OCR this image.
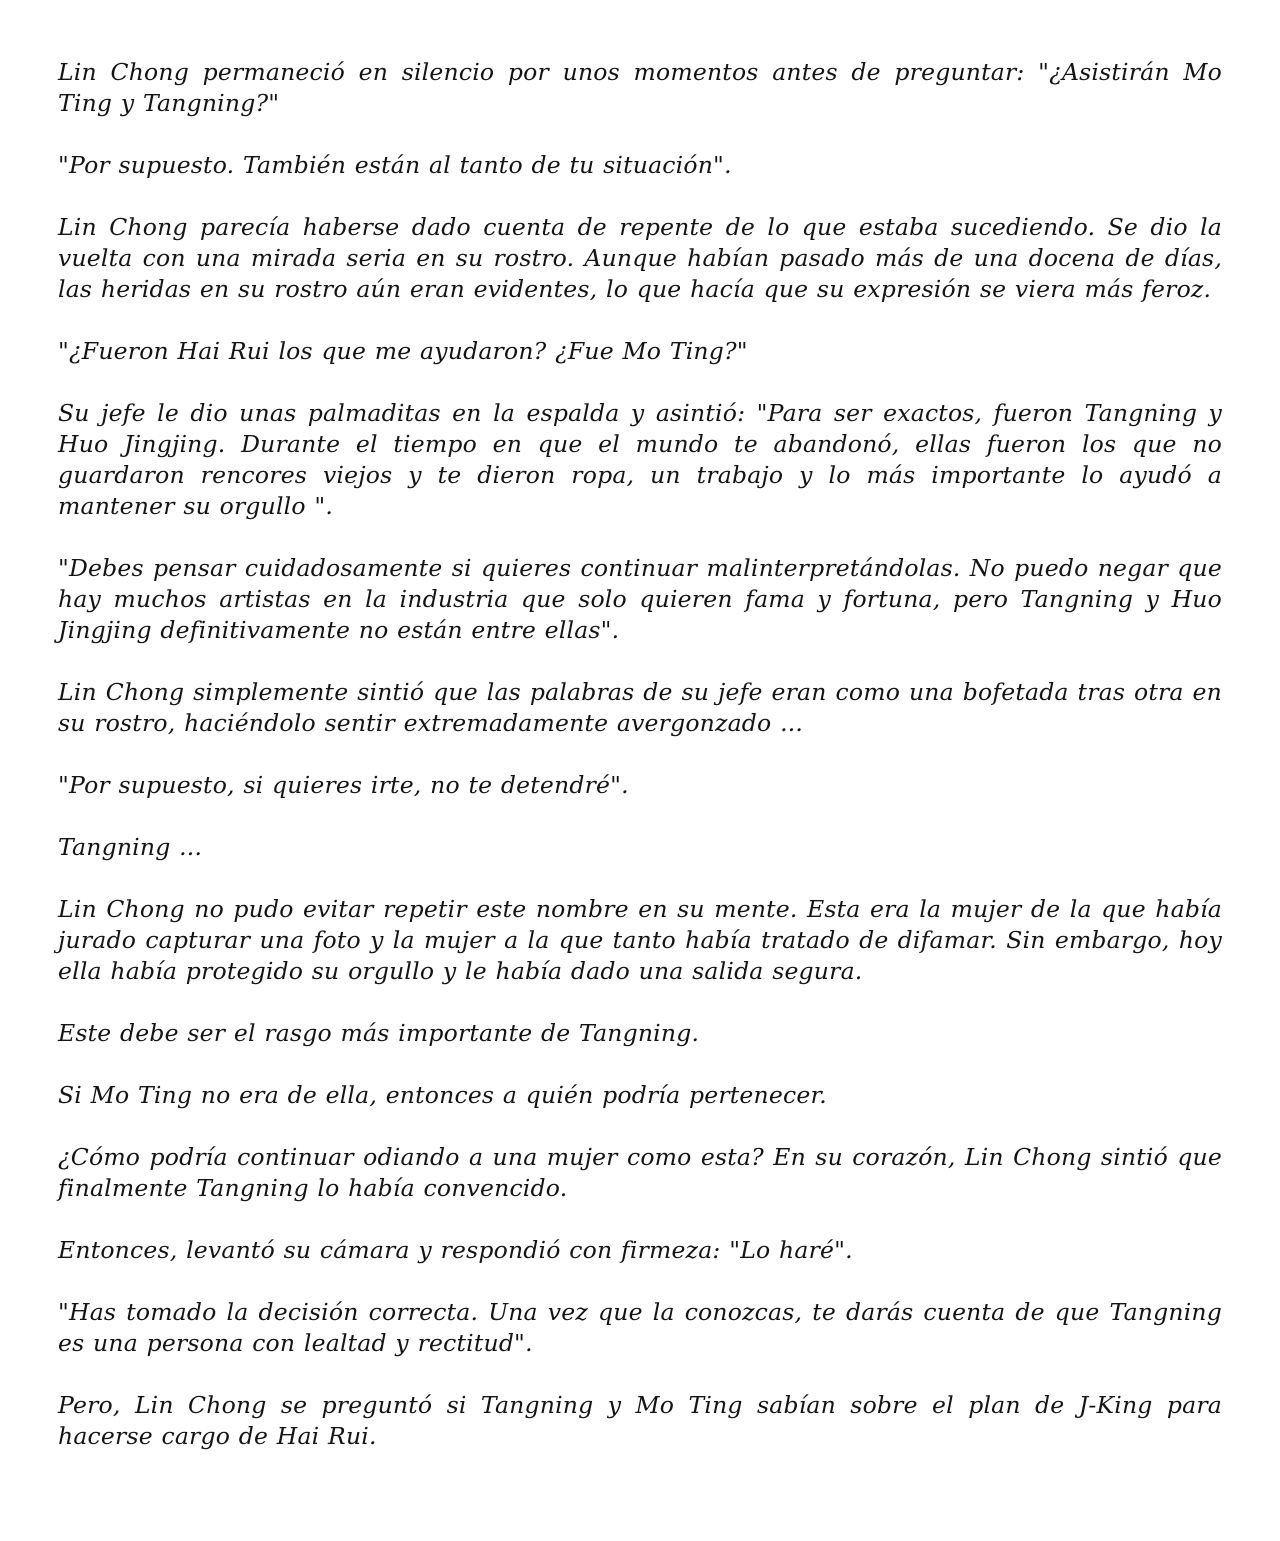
Lin Chong permaneció en silencio por unos momentos antes de preguntar: "¿Asistirán Mo Ting y Tangning?"

"Por supuesto. También están al tanto de tu situación".

Lin Chong parecía haberse dado cuenta de repente de lo que estaba sucediendo. Se dio la vuelta con una mirada seria en su rostro. Aunque habían pasado más de una docena de días, las heridas en su rostro aún eran evidentes, lo que hacía que su expresión se viera más feroz.

"¿Fueron Hai Rui los que me ayudaron? ¿Fue Mo Ting?"

Su jefe le dio unas palmaditas en la espalda y asintió: "Para ser exactos, fueron Tangning y Huo Jingjing. Durante el tiempo en que el mundo te abandonó, ellas fueron los que no guardaron rencores viejos y te dieron ropa, un trabajo y lo más importante lo ayudó a mantener su orgullo ".

"Debes pensar cuidadosamente si quieres continuar malinterpretándolas. No puedo negar que hay muchos artistas en la industria que solo quieren fama y fortuna, pero Tangning y Huo Jingjing definitivamente no están entre ellas".

Lin Chong simplemente sintió que las palabras de su jefe eran como una bofetada tras otra en su rostro, haciéndolo sentir extremadamente avergonzado ...

"Por supuesto, si quieres irte, no te detendré".

Tangning ...

Lin Chong no pudo evitar repetir este nombre en su mente. Esta era la mujer de la que había jurado capturar una foto y la mujer a la que tanto había tratado de difamar. Sin embargo, hoy ella había protegido su orgullo y le había dado una salida segura.

Este debe ser el rasgo más importante de Tangning.

Si Mo Ting no era de ella, entonces a quién podría pertenecer.

¿Cómo podría continuar odiando a una mujer como esta? En su corazón, Lin Chong sintió que finalmente Tangning lo había convencido.

Entonces, levantó su cámara y respondió con firmeza: "Lo haré".

"Has tomado la decisión correcta. Una vez que la conozcas, te darás cuenta de que Tangning es una persona con lealtad y rectitud".

Pero, Lin Chong se preguntó si Tangning y Mo Ting sabían sobre el plan de J-King para hacerse cargo de Hai Rui.
